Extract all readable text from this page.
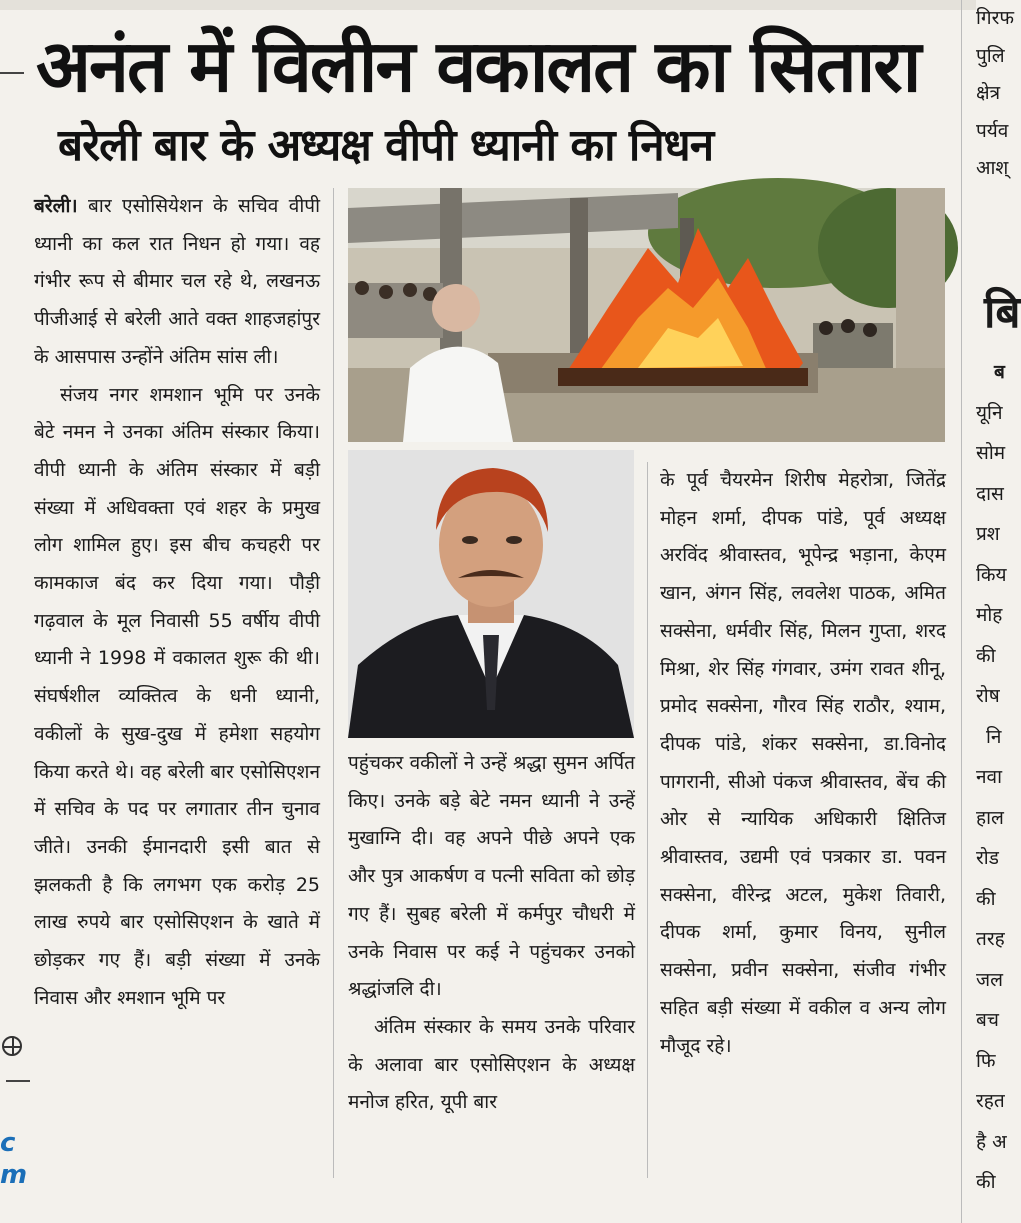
अनंत में विलीन वकालत का सितारा
बरेली बार के अध्यक्ष वीपी ध्यानी का निधन
c
m

बरेली। बार एसोसियेशन के सचिव वीपी ध्यानी का कल रात निधन हो गया। वह गंभीर रूप से बीमार चल रहे थे, लखनऊ पीजीआई से बरेली आते वक्त शाहजहांपुर के आसपास उन्होंने अंतिम सांस ली।

संजय नगर शमशान भूमि पर उनके बेटे नमन ने उनका अंतिम संस्कार किया। वीपी ध्यानी के अंतिम संस्कार में बड़ी संख्या में अधिवक्ता एवं शहर के प्रमुख लोग शामिल हुए। इस बीच कचहरी पर कामकाज बंद कर दिया गया। पौड़ी गढ़वाल के मूल निवासी 55 वर्षीय वीपी ध्यानी ने 1998 में वकालत शुरू की थी। संघर्षशील व्यक्तित्व के धनी ध्यानी, वकीलों के सुख-दुख में हमेशा सहयोग किया करते थे। वह बरेली बार एसोसिएशन में सचिव के पद पर लगातार तीन चुनाव जीते। उनकी ईमानदारी इसी बात से झलकती है कि लगभग एक करोड़ 25 लाख रुपये बार एसोसिएशन के खाते में छोड़कर गए हैं। बड़ी संख्या में उनके निवास और श्मशान भूमि पर

पहुंचकर वकीलों ने उन्हें श्रद्धा सुमन अर्पित किए। उनके बड़े बेटे नमन ध्यानी ने उन्हें मुखाग्नि दी। वह अपने पीछे अपने एक और पुत्र आकर्षण व पत्नी सविता को छोड़ गए हैं। सुबह बरेली में कर्मपुर चौधरी में उनके निवास पर कई ने पहुंचकर उनको श्रद्धांजलि दी।

अंतिम संस्कार के समय उनके परिवार के अलावा बार एसोसिएशन के अध्यक्ष मनोज हरित, यूपी बार

के पूर्व चैयरमेन शिरीष मेहरोत्रा, जितेंद्र मोहन शर्मा, दीपक पांडे, पूर्व अध्यक्ष अरविंद श्रीवास्तव, भूपेन्द्र भड़ाना, केएम खान, अंगन सिंह, लवलेश पाठक, अमित सक्सेना, धर्मवीर सिंह, मिलन गुप्ता, शरद मिश्रा, शेर सिंह गंगवार, उमंग रावत शीनू, प्रमोद सक्सेना, गौरव सिंह राठौर, श्याम, दीपक पांडे, शंकर सक्सेना, डा.विनोद पागरानी, सीओ पंकज श्रीवास्तव, बेंच की ओर से न्यायिक अधिकारी क्षितिज श्रीवास्तव, उद्यमी एवं पत्रकार डा. पवन सक्सेना, वीरेन्द्र अटल, मुकेश तिवारी, दीपक शर्मा, कुमार विनय, सुनील सक्सेना, प्रवीन सक्सेना, संजीव गंभीर सहित बड़ी संख्या में वकील व अन्य लोग मौजूद रहे।

गिरफ
पुलि
क्षेत्र
पर्यव
आश्
बि
ब
यूनि
सोम
दास
प्रश
किय
मोह
की
रोष
नि
नवा
हाल
रोड
की
तरह
जल
बच
फि
रहत
है अ
की
